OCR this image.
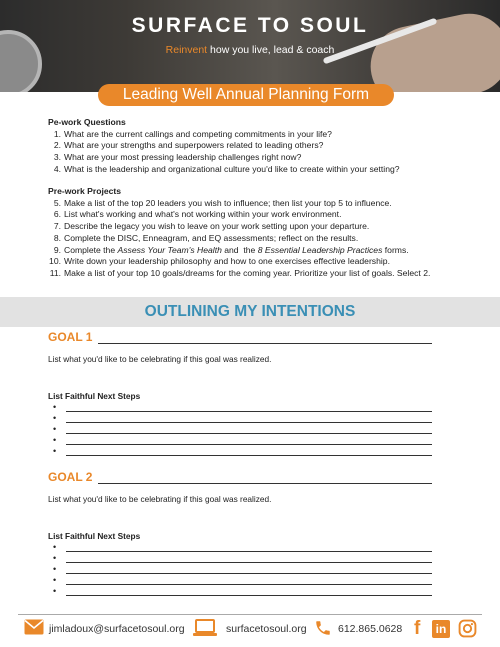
SURFACE TO SOUL
Reinvent how you live, lead & coach
Leading Well Annual Planning Form
Pe-work Questions
1. What are the current callings and competing commitments in your life?
2. What are your strengths and superpowers related to leading others?
3. What are your most pressing leadership challenges right now?
4. What is the leadership and organizational culture you'd like to create within your setting?
Pre-work Projects
5. Make a list of the top 20 leaders you wish to influence; then list your top 5 to influence.
6. List what's working and what's not working within your work environment.
7. Describe the legacy you wish to leave on your work setting upon your departure.
8. Complete the DISC, Enneagram, and EQ assessments; reflect on the results.
9. Complete the Assess Your Team's Health and  the 8 Essential Leadership Practices forms.
10. Write down your leadership philosophy and how to one exercises effective leadership.
11. Make a list of your top 10 goals/dreams for the coming year. Prioritize your list of goals. Select 2.
OUTLINING MY INTENTIONS
GOAL 1
List what you'd like to be celebrating if this goal was realized.
List Faithful Next Steps
•
•
•
•
•
GOAL 2
List what you'd like to be celebrating if this goal was realized.
List Faithful Next Steps
•
•
•
•
•
jimladoux@surfacetosoul.org	surfacetosoul.org	612.865.0628 f	in
